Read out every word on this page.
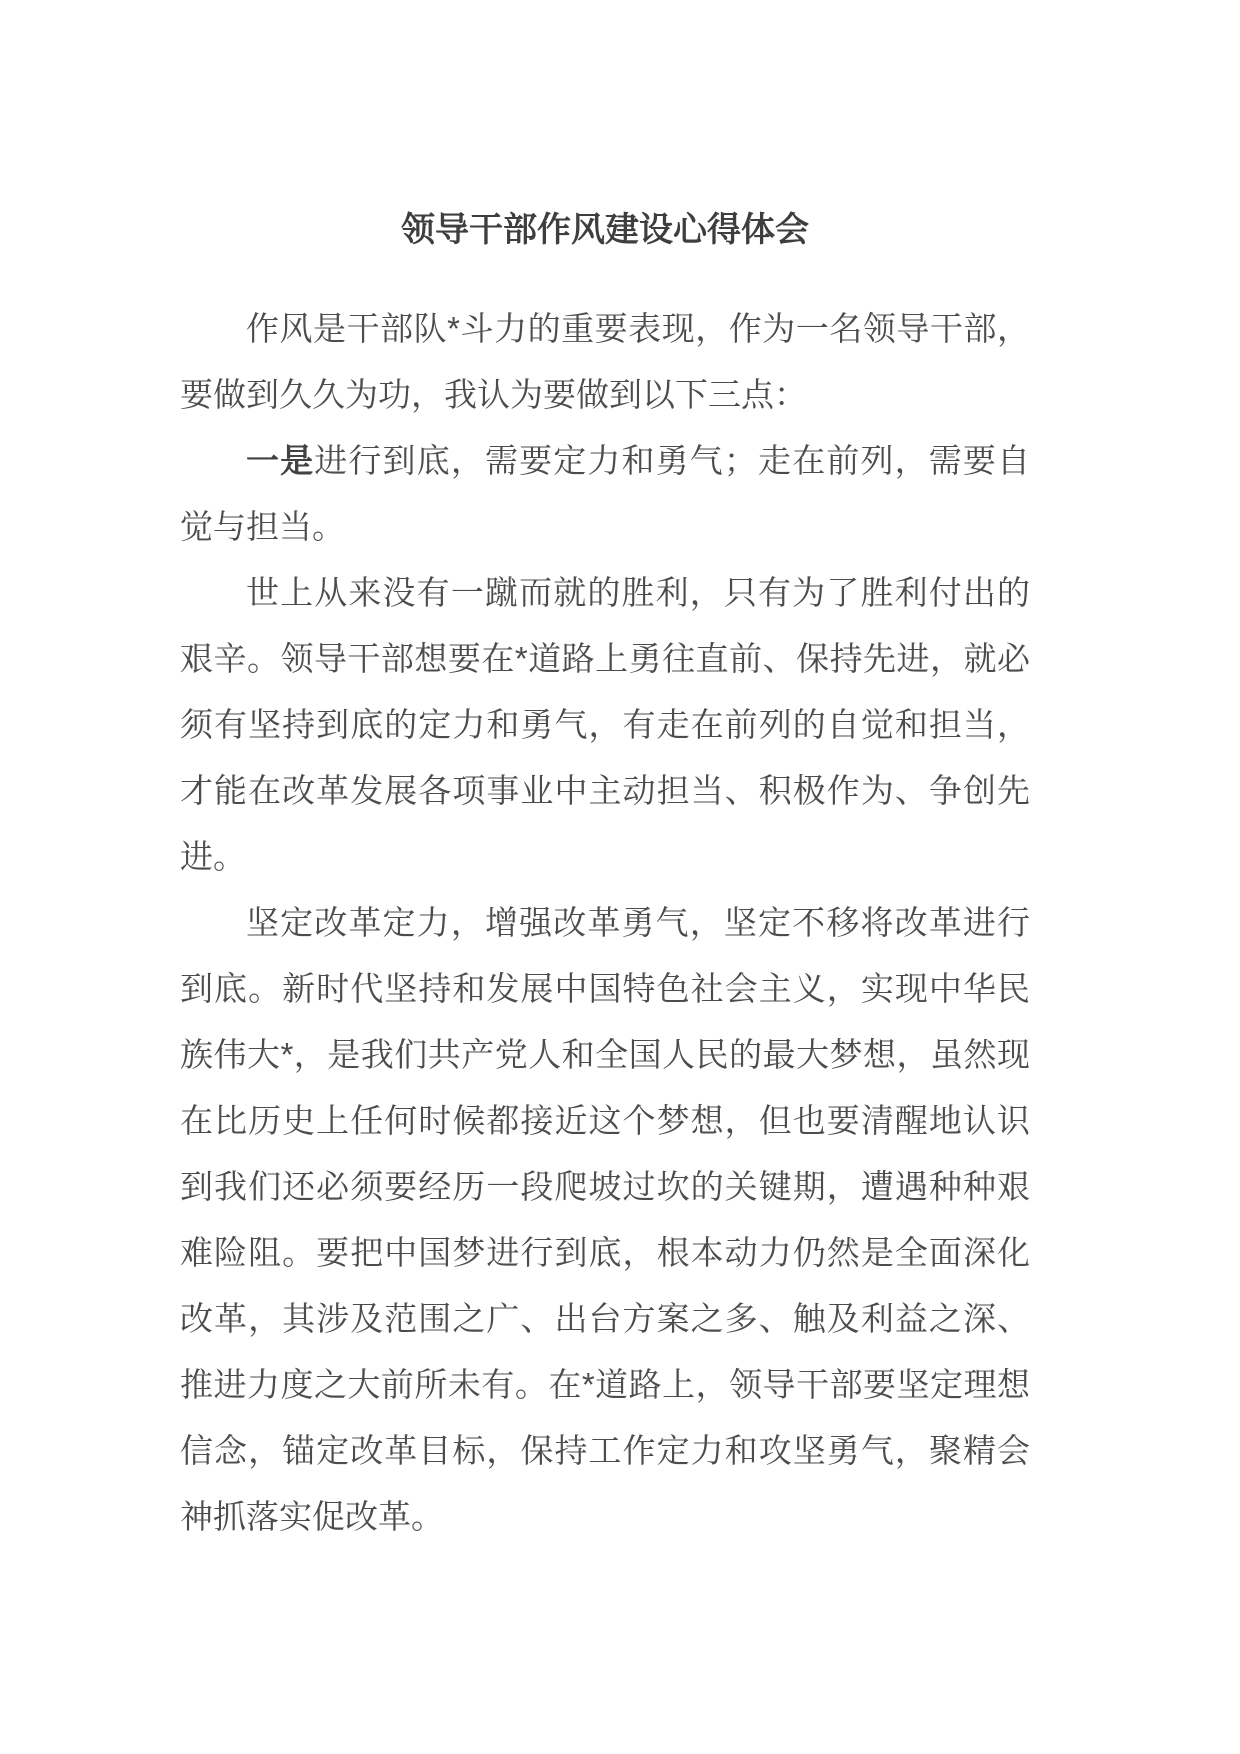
领导干部作风建设心得体会

作风是干部队*斗力的重要表现，作为一名领导干部，要做到久久为功，我认为要做到以下三点：

一是进行到底，需要定力和勇气；走在前列，需要自觉与担当。

世上从来没有一蹴而就的胜利，只有为了胜利付出的艰辛。领导干部想要在*道路上勇往直前、保持先进，就必须有坚持到底的定力和勇气，有走在前列的自觉和担当，才能在改革发展各项事业中主动担当、积极作为、争创先进。

坚定改革定力，增强改革勇气，坚定不移将改革进行到底。新时代坚持和发展中国特色社会主义，实现中华民族伟大*，是我们共产党人和全国人民的最大梦想，虽然现在比历史上任何时候都接近这个梦想，但也要清醒地认识到我们还必须要经历一段爬坡过坎的关键期，遭遇种种艰难险阻。要把中国梦进行到底，根本动力仍然是全面深化改革，其涉及范围之广、出台方案之多、触及利益之深、推进力度之大前所未有。在*道路上，领导干部要坚定理想信念，锚定改革目标，保持工作定力和攻坚勇气，聚精会神抓落实促改革。
